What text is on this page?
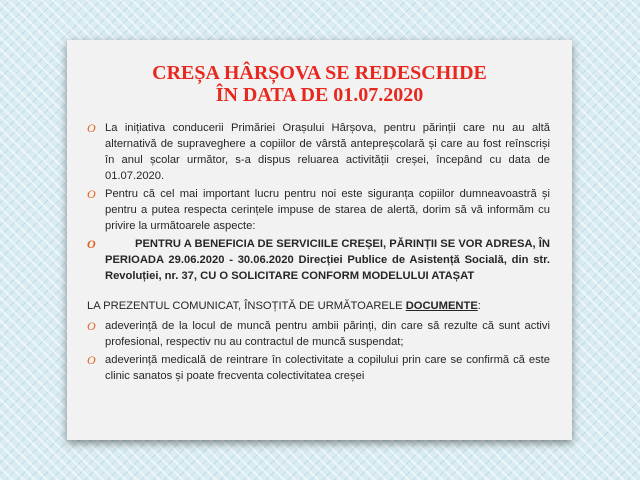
CREȘA HÂRȘOVA SE REDESCHIDE
ÎN DATA DE 01.07.2020
O La inițiativa conducerii Primăriei Orașului Hârșova, pentru părinții care nu au altă alternativă de supraveghere a copiilor de vârstă antepreșcolară și care au fost reînscriși în anul școlar următor, s-a dispus reluarea activității creșei, începând cu data de 01.07.2020.
O Pentru că cel mai important lucru pentru noi este siguranța copiilor dumneavoastră și pentru a putea respecta cerințele impuse de starea de alertă, dorim să vă informăm cu privire la următoarele aspecte:
O	PENTRU A BENEFICIA DE SERVICIILE CREȘEI, PĂRINȚII SE VOR ADRESA, ÎN PERIOADA 29.06.2020 - 30.06.2020 Direcției Publice de Asistență Socială, din str. Revoluției, nr. 37, CU O SOLICITARE CONFORM MODELULUI ATAȘAT
LA PREZENTUL COMUNICAT, ÎNSOȚITĂ DE URMĂTOARELE DOCUMENTE:
O adeverință de la locul de muncă pentru ambii părinți, din care să rezulte că sunt activi profesional, respectiv nu au contractul de muncă suspendat;
O adeverință medicală de reintrare în colectivitate a copilului prin care se confirmă că este clinic sanatos și poate frecventa colectivitatea creșei
